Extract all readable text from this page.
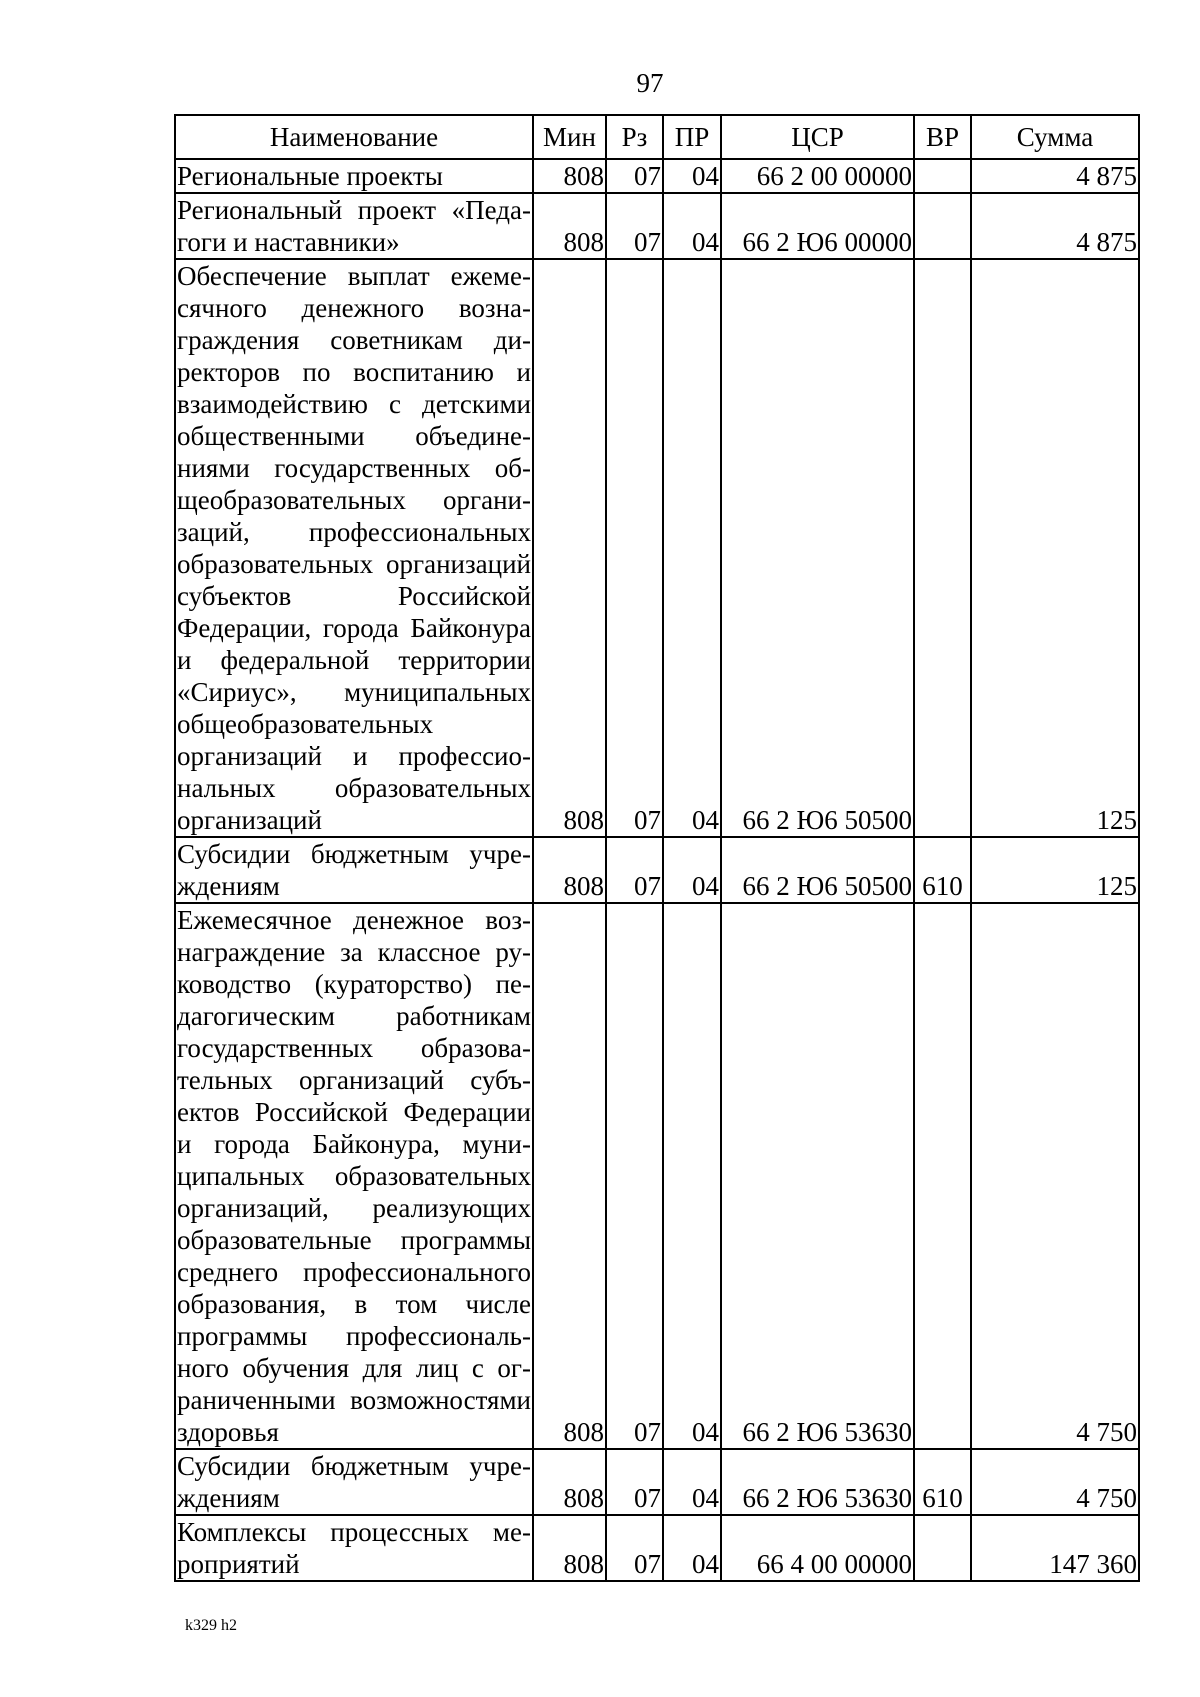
97
Наименование	Мин	Рз	ПР	ЦСР	ВР	Сумма
Региональные проекты	808	07	04	66 2 00 00000		4 875
Региональный проект «Педагоги и наставники»	808	07	04	66 2 Ю6 00000		4 875
Обеспечение выплат ежемесячного денежного вознаграждения советникам директоров по воспитанию и взаимодействию с детскими общественными объединениями государственных общеобразовательных организаций, профессиональных образовательных организаций субъектов Российской Федерации, города Байконура и федеральной территории «Сириус», муниципальных общеобразовательных организаций и профессиональных образовательных организаций	808	07	04	66 2 Ю6 50500		125
Субсидии бюджетным учреждениям	808	07	04	66 2 Ю6 50500	610	125
Ежемесячное денежное вознаграждение за классное руководство (кураторство) педагогическим работникам государственных образовательных организаций субъектов Российской Федерации и города Байконура, муниципальных образовательных организаций, реализующих образовательные программы среднего профессионального образования, в том числе программы профессионального обучения для лиц с ограниченными возможностями здоровья	808	07	04	66 2 Ю6 53630		4 750
Субсидии бюджетным учреждениям	808	07	04	66 2 Ю6 53630	610	4 750
Комплексы процессных мероприятий	808	07	04	66 4 00 00000		147 360
k329 h2
